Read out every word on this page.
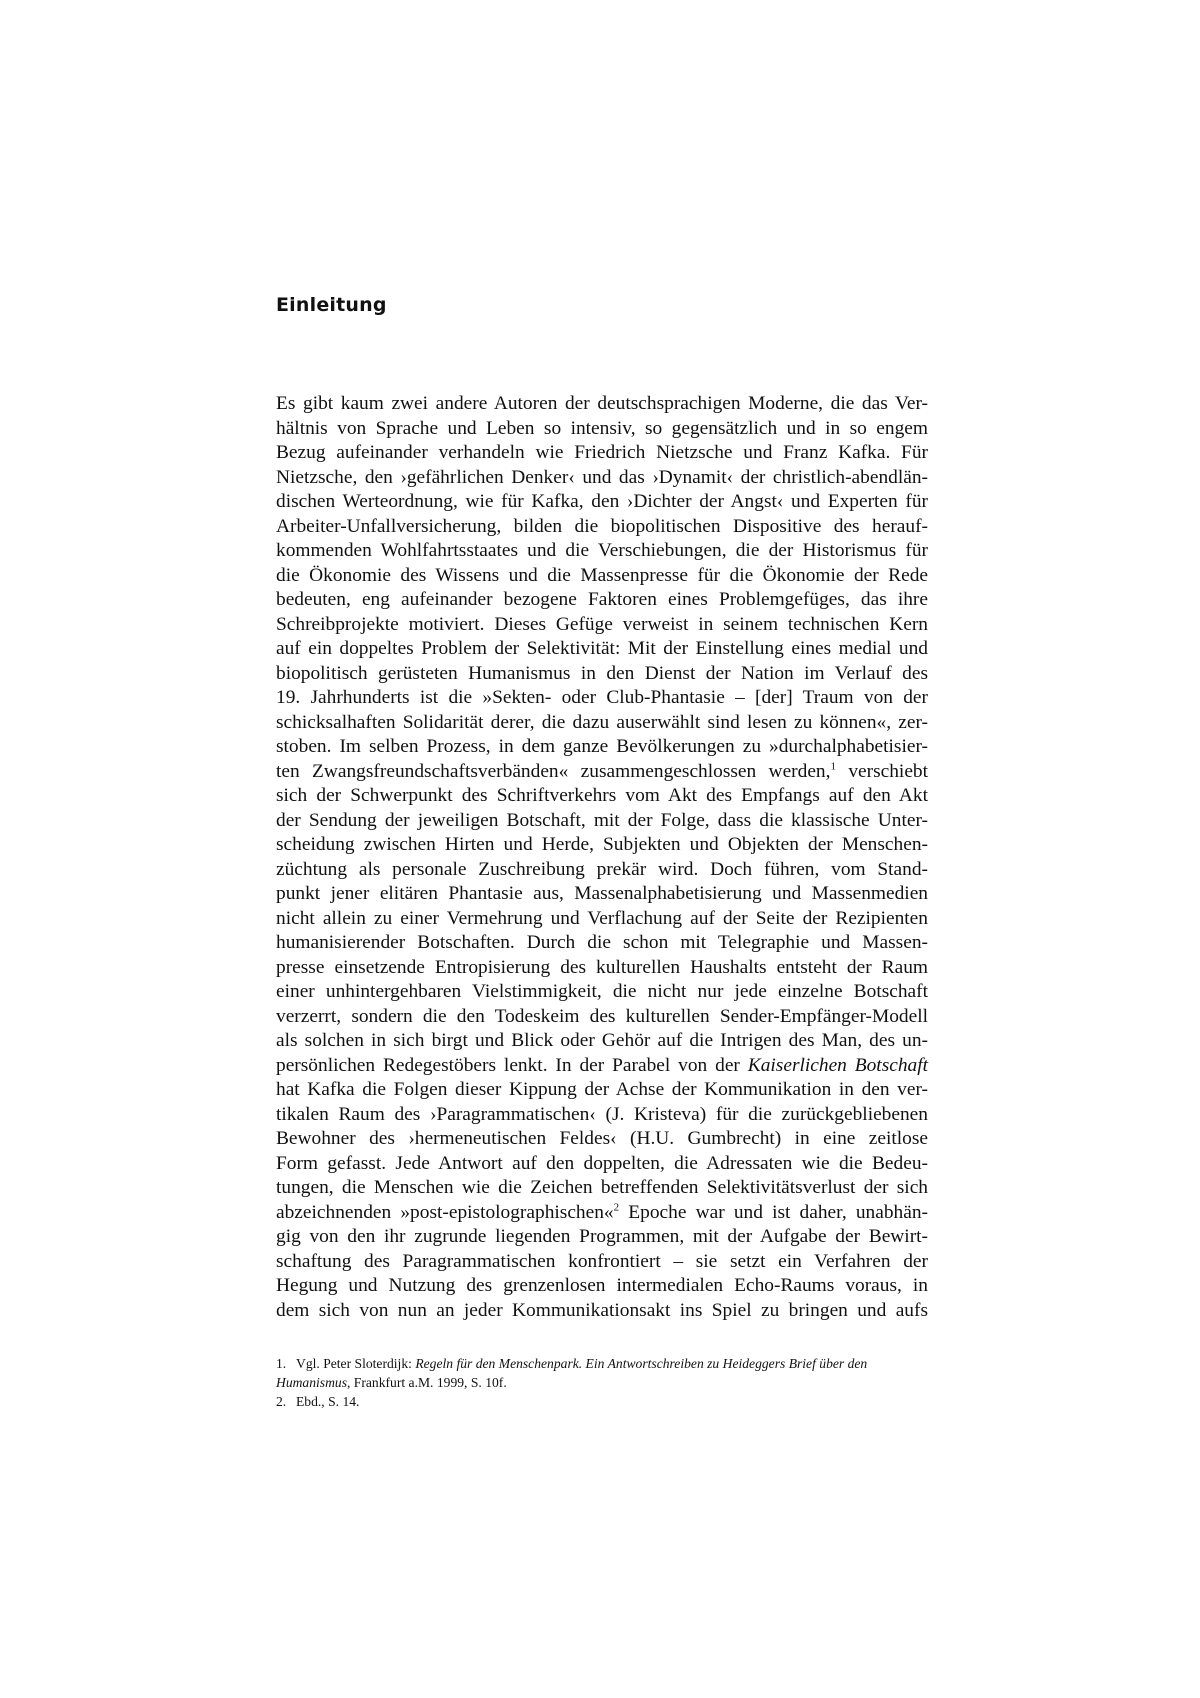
Einleitung
Es gibt kaum zwei andere Autoren der deutschsprachigen Moderne, die das Ver-
hältnis von Sprache und Leben so intensiv, so gegensätzlich und in so engem
Bezug aufeinander verhandeln wie Friedrich Nietzsche und Franz Kafka. Für
Nietzsche, den ›gefährlichen Denker‹ und das ›Dynamit‹ der christlich-abendlän-
dischen Werteordnung, wie für Kafka, den ›Dichter der Angst‹ und Experten für
Arbeiter-Unfallversicherung, bilden die biopolitischen Dispositive des herauf-
kommenden Wohlfahrtsstaates und die Verschiebungen, die der Historismus für
die Ökonomie des Wissens und die Massenpresse für die Ökonomie der Rede
bedeuten, eng aufeinander bezogene Faktoren eines Problemgefüges, das ihre
Schreibprojekte motiviert. Dieses Gefüge verweist in seinem technischen Kern
auf ein doppeltes Problem der Selektivität: Mit der Einstellung eines medial und
biopolitisch gerüsteten Humanismus in den Dienst der Nation im Verlauf des
19. Jahrhunderts ist die »Sekten- oder Club-Phantasie – [der] Traum von der
schicksalhaften Solidarität derer, die dazu auserwählt sind lesen zu können«, zer-
stoben. Im selben Prozess, in dem ganze Bevölkerungen zu »durchalphabetisier-
ten Zwangsfreundschaftsverbänden« zusammengeschlossen werden,$^1$ verschiebt
sich der Schwerpunkt des Schriftverkehrs vom Akt des Empfangs auf den Akt
der Sendung der jeweiligen Botschaft, mit der Folge, dass die klassische Unter-
scheidung zwischen Hirten und Herde, Subjekten und Objekten der Menschen-
züchtung als personale Zuschreibung prekär wird. Doch führen, vom Stand-
punkt jener elitären Phantasie aus, Massenalphabetisierung und Massenmedien
nicht allein zu einer Vermehrung und Verflachung auf der Seite der Rezipienten
humanisierender Botschaften. Durch die schon mit Telegraphie und Massen-
presse einsetzende Entropisierung des kulturellen Haushalts entsteht der Raum
einer unhintergehbaren Vielstimmigkeit, die nicht nur jede einzelne Botschaft
verzerrt, sondern die den Todeskeim des kulturellen Sender-Empfänger-Modell
als solchen in sich birgt und Blick oder Gehör auf die Intrigen des Man, des un-
persönlichen Redegestöbers lenkt. In der Parabel von der Kaiserlichen Botschaft
hat Kafka die Folgen dieser Kippung der Achse der Kommunikation in den ver-
tikalen Raum des ›Paragrammatischen‹ (J. Kristeva) für die zurückgebliebenen
Bewohner des ›hermeneutischen Feldes‹ (H.U. Gumbrecht) in eine zeitlose
Form gefasst. Jede Antwort auf den doppelten, die Adressaten wie die Bedeu-
tungen, die Menschen wie die Zeichen betreffenden Selektivitätsverlust der sich
abzeichnenden »post-epistolographischen«$^2$ Epoche war und ist daher, unabhän-
gig von den ihr zugrunde liegenden Programmen, mit der Aufgabe der Bewirt-
schaftung des Paragrammatischen konfrontiert – sie setzt ein Verfahren der
Hegung und Nutzung des grenzenlosen intermedialen Echo-Raums voraus, in
dem sich von nun an jeder Kommunikationsakt ins Spiel zu bringen und aufs

1. Vgl. Peter Sloterdijk: Regeln für den Menschenpark. Ein Antwortschreiben zu Heideggers Brief über den
Humanismus, Frankfurt a.M. 1999, S. 10f.

2. Ebd., S. 14.
